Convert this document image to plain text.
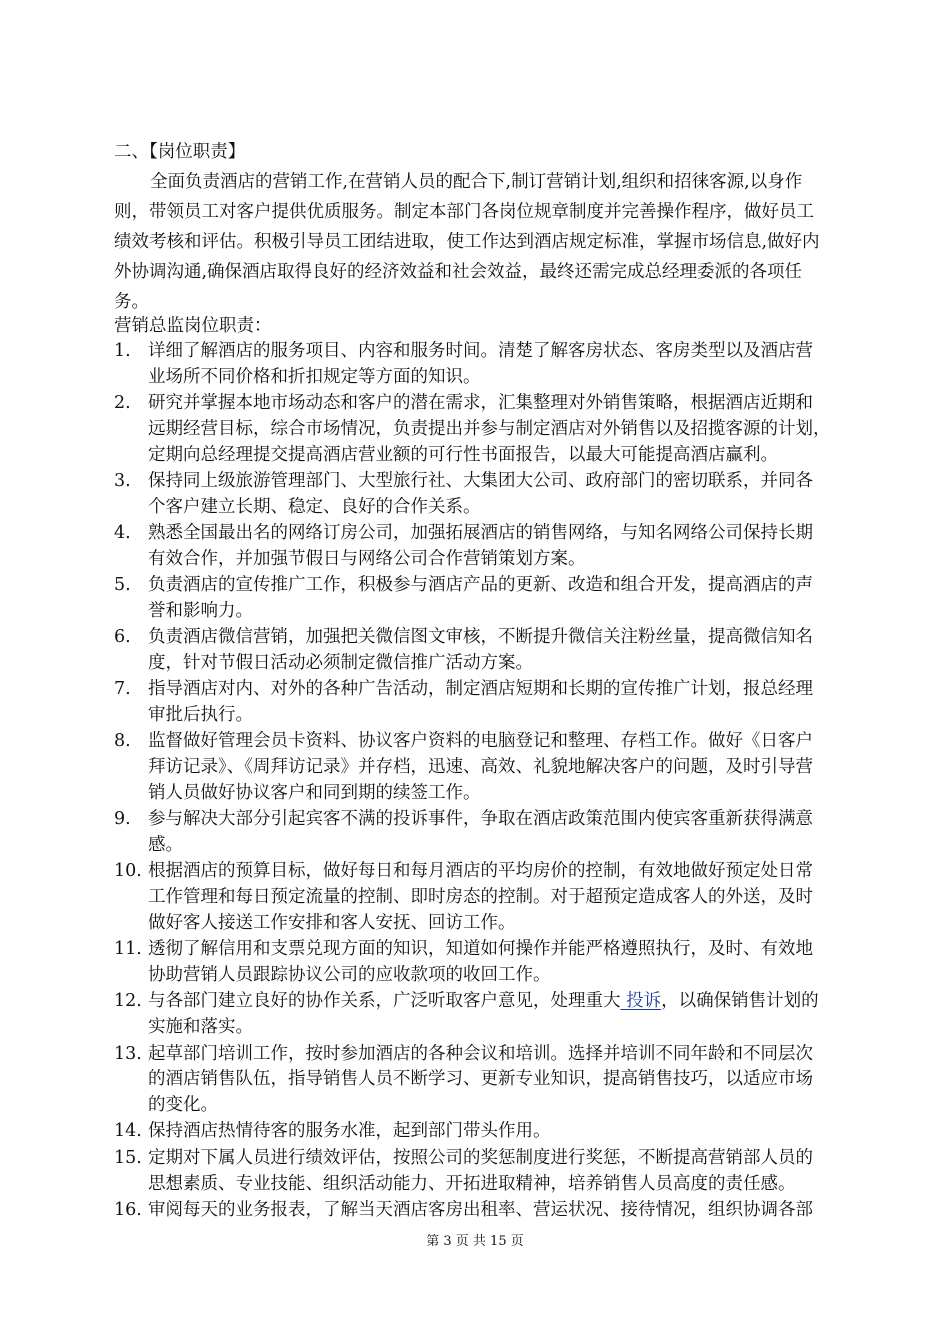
二、【岗位职责】
全面负责酒店的营销工作,在营销人员的配合下,制订营销计划,组织和招徕客源,以身作
则，带领员工对客户提供优质服务。制定本部门各岗位规章制度并完善操作程序，做好员工
绩效考核和评估。积极引导员工团结进取，使工作达到酒店规定标准，掌握市场信息,做好内
外协调沟通,确保酒店取得良好的经济效益和社会效益，最终还需完成总经理委派的各项任
务。
营销总监岗位职责：
1. 详细了解酒店的服务项目、内容和服务时间。清楚了解客房状态、客房类型以及酒店营
业场所不同价格和折扣规定等方面的知识。
2. 研究并掌握本地市场动态和客户的潜在需求，汇集整理对外销售策略，根据酒店近期和
远期经营目标，综合市场情况，负责提出并参与制定酒店对外销售以及招揽客源的计划，
定期向总经理提交提高酒店营业额的可行性书面报告，以最大可能提高酒店赢利。
3. 保持同上级旅游管理部门、大型旅行社、大集团大公司、政府部门的密切联系，并同各
个客户建立长期、稳定、良好的合作关系。
4. 熟悉全国最出名的网络订房公司，加强拓展酒店的销售网络，与知名网络公司保持长期
有效合作，并加强节假日与网络公司合作营销策划方案。
5. 负责酒店的宣传推广工作，积极参与酒店产品的更新、改造和组合开发，提高酒店的声
誉和影响力。
6. 负责酒店微信营销，加强把关微信图文审核，不断提升微信关注粉丝量，提高微信知名
度，针对节假日活动必须制定微信推广活动方案。
7. 指导酒店对内、对外的各种广告活动，制定酒店短期和长期的宣传推广计划，报总经理
审批后执行。
8. 监督做好管理会员卡资料、协议客户资料的电脑登记和整理、存档工作。做好《日客户
拜访记录》、《周拜访记录》并存档，迅速、高效、礼貌地解决客户的问题，及时引导营
销人员做好协议客户和同到期的续签工作。
9. 参与解决大部分引起宾客不满的投诉事件，争取在酒店政策范围内使宾客重新获得满意
感。
10. 根据酒店的预算目标，做好每日和每月酒店的平均房价的控制，有效地做好预定处日常
工作管理和每日预定流量的控制、即时房态的控制。对于超预定造成客人的外送，及时
做好客人接送工作安排和客人安抚、回访工作。
11. 透彻了解信用和支票兑现方面的知识，知道如何操作并能严格遵照执行，及时、有效地
协助营销人员跟踪协议公司的应收款项的收回工作。
12. 与各部门建立良好的协作关系，广泛听取客户意见，处理重大 投诉，以确保销售计划的
实施和落实。
13. 起草部门培训工作，按时参加酒店的各种会议和培训。选择并培训不同年龄和不同层次
的酒店销售队伍，指导销售人员不断学习、更新专业知识，提高销售技巧，以适应市场
的变化。
14. 保持酒店热情待客的服务水准，起到部门带头作用。
15. 定期对下属人员进行绩效评估，按照公司的奖惩制度进行奖惩，不断提高营销部人员的
思想素质、专业技能、组织活动能力、开拓进取精神，培养销售人员高度的责任感。
16. 审阅每天的业务报表，了解当天酒店客房出租率、营运状况、接待情况，组织协调各部
第 3 页 共 15 页
